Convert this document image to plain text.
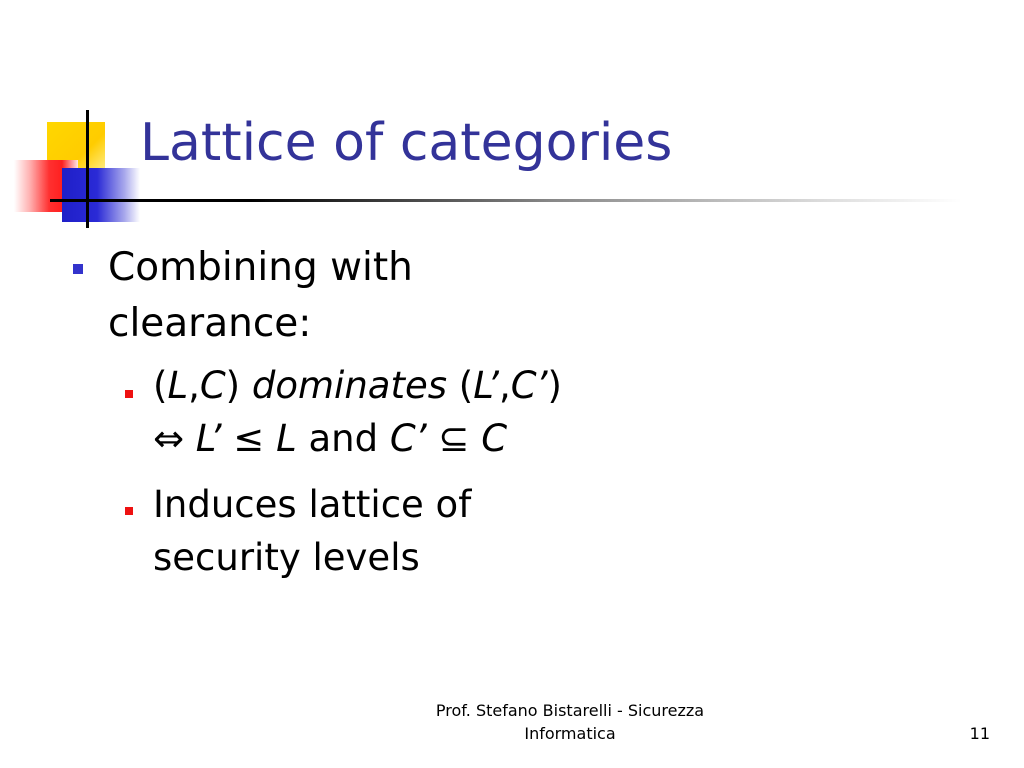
Lattice of categories
Combining with
clearance:
(L,C) dominates (L’,C’)
⇔ L’ ≤ L and C’ ⊆ C
Induces lattice of
security levels
Prof. Stefano Bistarelli - Sicurezza
Informatica	11
